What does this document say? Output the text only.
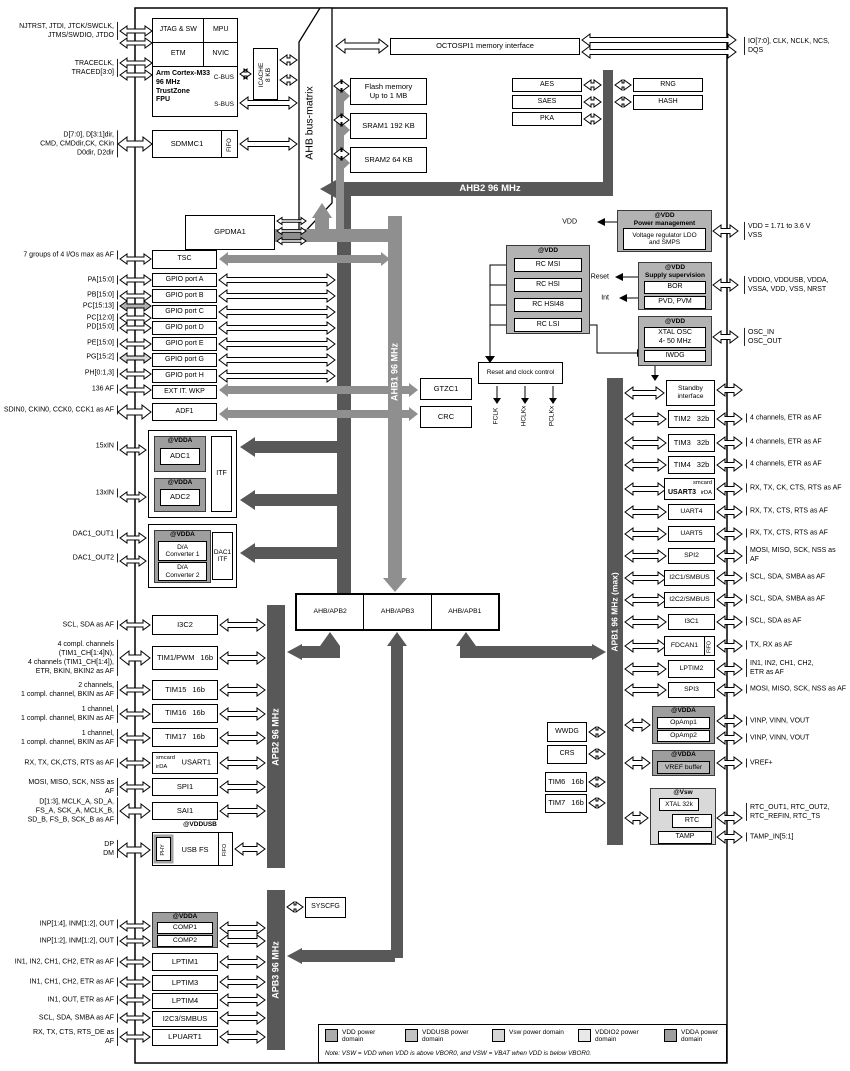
AHB bus-matrix
AHB2 96 MHz
AHB1 96 MHz
APB1 96 MHz (max)
APB2 96 MHz
APB3 96 MHz
JTAG & SW	MPU
ETM	NVIC
Arm Cortex-M33
96 MHz
TrustZone
FPU
C-BUS
S-BUS
ICACHE
8 KB
SDMMC1	FIFO
OCTOSPI1 memory interface
Flash memory
Up to 1 MB
SRAM1 192 KB
SRAM2 64 KB
AES
SAES
PKA
RNG
HASH
GPDMA1
TSC
GPIO port A
GPIO port B
GPIO port C
GPIO port D
GPIO port E
GPIO port G
GPIO port H
EXT IT. WKP
ADF1
7 groups of 4 I/Os max as AF
PA[15:0]
PB[15:0]
PC[15:13]
PC[12:0]
PD[15:0]
PE[15:0]
PG[15:2]
PH[0:1,3]
136 AF
SDIN0, CKIN0, CCK0, CCK1 as AF
NJTRST, JTDI, JTCK/SWCLK,
JTMS/SWDIO, JTDO
TRACECLK,
TRACED[3:0]
D[7:0], D[3:1]dir,
CMD, CMDdir,CK, CKin
D0dir, D2dir
IO[7:0], CLK, NCLK, NCS,
DQS
GTZC1
CRC
Reset and clock control
FCLK	HCLKx	PCLKx
@VDD
RC MSI
RC HSI
RC HSI48
RC LSI
@VDD
Power management
Voltage regulator LDO
and SMPS
VDD
VDD = 1.71 to 3.6 V
VSS
@VDD
Supply supervision
BOR
PVD, PVM
Reset
Int
VDDIO, VDDUSB, VDDA,
VSSA, VDD, VSS, NRST
@VDD
XTAL OSC
4- 50 MHz
IWDG
OSC_IN
OSC_OUT
@VDDA
ADC1
@VDDA
ADC2
ITF
15xIN
13xIN
@VDDA
D/A
Converter 1
D/A
Converter 2
DAC1
ITF
DAC1_OUT1
DAC1_OUT2
AHB/APB2	AHB/APB3	AHB/APB1
Standby
interface
TIM2 32b	4 channels, ETR as AF
TIM3 32b	4 channels, ETR as AF
TIM4 32b	4 channels, ETR as AF
smcard
USART3 irDA
RX, TX, CK, CTS, RTS as AF
UART4	RX, TX, CTS, RTS as AF
UART5	RX, TX, CTS, RTS as AF
SPI2
MOSI, MISO, SCK, NSS as
AF
I2C1/SMBUS	SCL, SDA, SMBA as AF
I2C2/SMBUS	SCL, SDA, SMBA as AF
I3C1	SCL, SDA as AF
FDCAN1	FIFO	TX, RX as AF
LPTIM2
IN1, IN2, CH1, CH2,
ETR as AF
SPI3	MOSI, MISO, SCK, NSS as AF
@VDDA
OpAmp1
OpAmp2
VINP, VINN, VOUT
VINP, VINN, VOUT
@VDDA
VREF buffer
VREF+
@Vsw
XTAL 32k
RTC
TAMP
RTC_OUT1, RTC_OUT2,
RTC_REFIN, RTC_TS
TAMP_IN[5:1]
SYSCFG
WWDG
CRS
TIM6 16b
TIM7 16b
I3C2
SCL, SDA as AF
TIM1/PWM 16b
4 compl. channels
(TIM1_CH[1:4]N),
4 channels (TIM1_CH[1:4]),
ETR, BKIN, BKIN2 as AF
TIM15 16b
2 channels,
1 compl. channel, BKIN as AF
TIM16 16b
1 channel,
1 compl. channel, BKIN as AF
TIM17 16b
1 channel,
1 compl. channel, BKIN as AF
smcard
irDA
USART1
RX, TX, CK,CTS, RTS as AF
SPI1
MOSI, MISO, SCK, NSS as
AF
SAI1
D[1:3], MCLK_A, SD_A,
FS_A, SCK_A, MCLK_B,
SD_B, FS_B, SCK_B as AF
@VDDUSB
PHY	USB FS	FIFO
DP
DM
@VDDA
COMP1
COMP2
INP[1:4], INM[1:2], OUT
INP[1:2], INM[1:2], OUT
LPTIM1
IN1, IN2, CH1, CH2, ETR as AF
LPTIM3
IN1, CH1, CH2, ETR as AF
LPTIM4
IN1, OUT, ETR as AF
I2C3/SMBUS
SCL, SDA, SMBA as AF
LPUART1
RX, TX, CTS, RTS_DE as
AF
VDD power
domain
VDDUSB power
domain
Vsw power domain	VDDIO2 power
domain
VDDA power
domain
Note: VSW = VDD when VDD is above VBOR0, and VSW = VBAT when VDD is below VBOR0.
